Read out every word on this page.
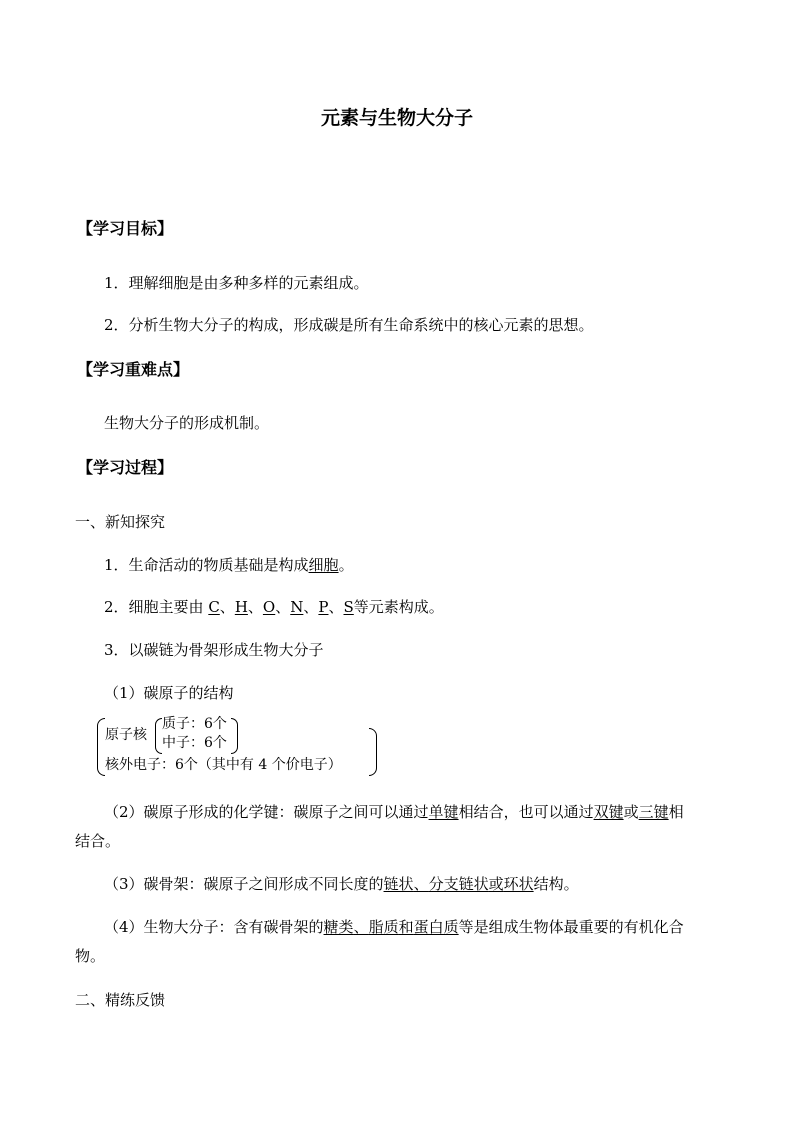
元素与生物大分子
【学习目标】
1．理解细胞是由多种多样的元素组成。
2．分析生物大分子的构成，形成碳是所有生命系统中的核心元素的思想。
【学习重难点】
生物大分子的形成机制。
【学习过程】
一、新知探究
1．生命活动的物质基础是构成细胞。
2．细胞主要由 C、H、O、N、P、S等元素构成。
3．以碳链为骨架形成生物大分子
（1）碳原子的结构
原子核
质子：6个
中子：6个
核外电子：6个（其中有 4 个价电子）
（2）碳原子形成的化学键：碳原子之间可以通过单键相结合，也可以通过双键或三键相
结合。
（3）碳骨架：碳原子之间形成不同长度的链状、分支链状或环状结构。
（4）生物大分子：含有碳骨架的糖类、脂质和蛋白质等是组成生物体最重要的有机化合
物。
二、精练反馈
